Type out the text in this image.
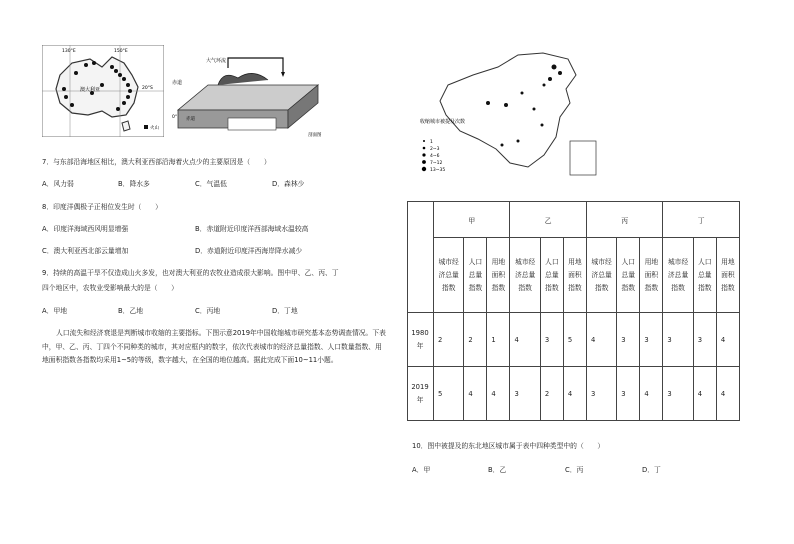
澳大利亚
130°E	150°E
20°S
火山
大气环流
赤道
0° 赤道
剖面图
收缩城市被提及次数
1
2~3
4~6
7~12
13~35
7．与东部沿海地区相比，澳大利亚西部沿海着火点少的主要原因是（　　）
A．风力弱	B．降水多	C．气温低	D．森林少
8．印度洋偶极子正相位发生时（　　）
A．印度洋海域西风明显增强	B．赤道附近印度洋西部海域水温较高
C．澳大利亚西北部云量增加	D．赤道附近印度洋西海岸降水减少
9．持续的高温干旱不仅造成山火多发，也对澳大利亚的农牧业造成很大影响。图中甲、乙、丙、丁
四个地区中，农牧业受影响最大的是（　　）
A．甲地	B．乙地	C．丙地	D．丁地
人口流失和经济衰退是判断城市收缩的主要指标。下图示意2019年中国收缩城市研究基本态势调查情况。下表中，甲、乙、丙、丁四个不同种类的城市，其对应框内的数字，依次代表城市的经济总量指数、人口数量指数、用地面积指数各指数均采用1~5的等级，数字越大，在全国的地位越高。据此完成下面10~11小题。
	甲			乙			丙			丁		
	城市经济总量指数	人口总量指数	用地面积指数	城市经济总量指数	人口总量指数	用地面积指数	城市经济总量指数	人口总量指数	用地面积指数	城市经济总量指数	人口总量指数	用地面积指数
1980年	2	2	1	4	3	5	4	3	3	3	3	4
2019年	5	4	4	3	2	4	3	3	4	3	4	4
10．图中被提及的东北地区城市属于表中四种类型中的（　　）
A．甲	B．乙	C．丙	D．丁
